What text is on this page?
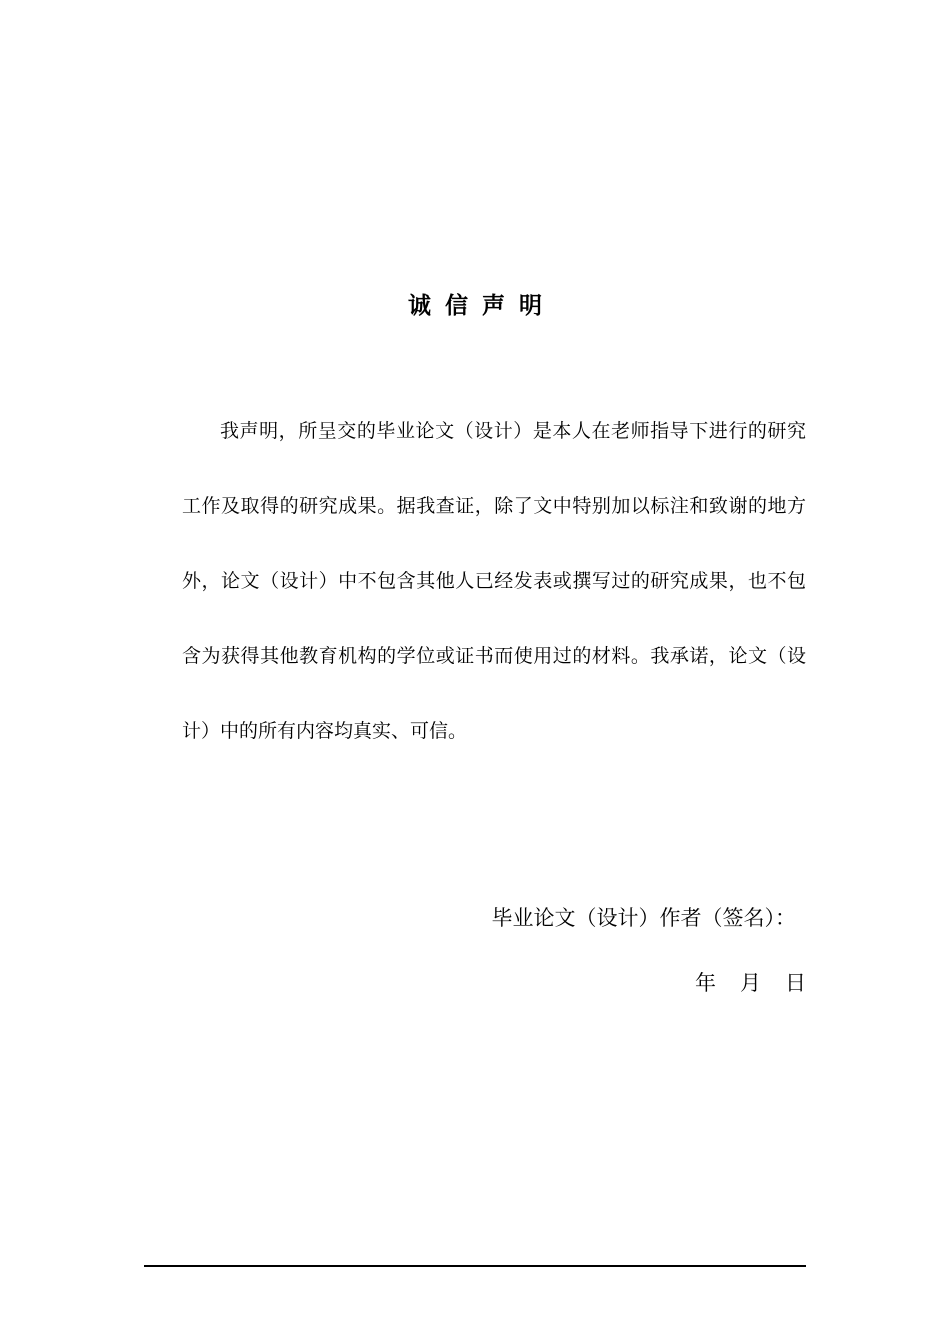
诚信声明
我声明，所呈交的毕业论文（设计）是本人在老师指导下进行的研究
工作及取得的研究成果。据我查证，除了文中特别加以标注和致谢的地方
外，论文（设计）中不包含其他人已经发表或撰写过的研究成果，也不包
含为获得其他教育机构的学位或证书而使用过的材料。我承诺，论文（设
计）中的所有内容均真实、可信。
毕业论文（设计）作者（签名）：
年 月 日
